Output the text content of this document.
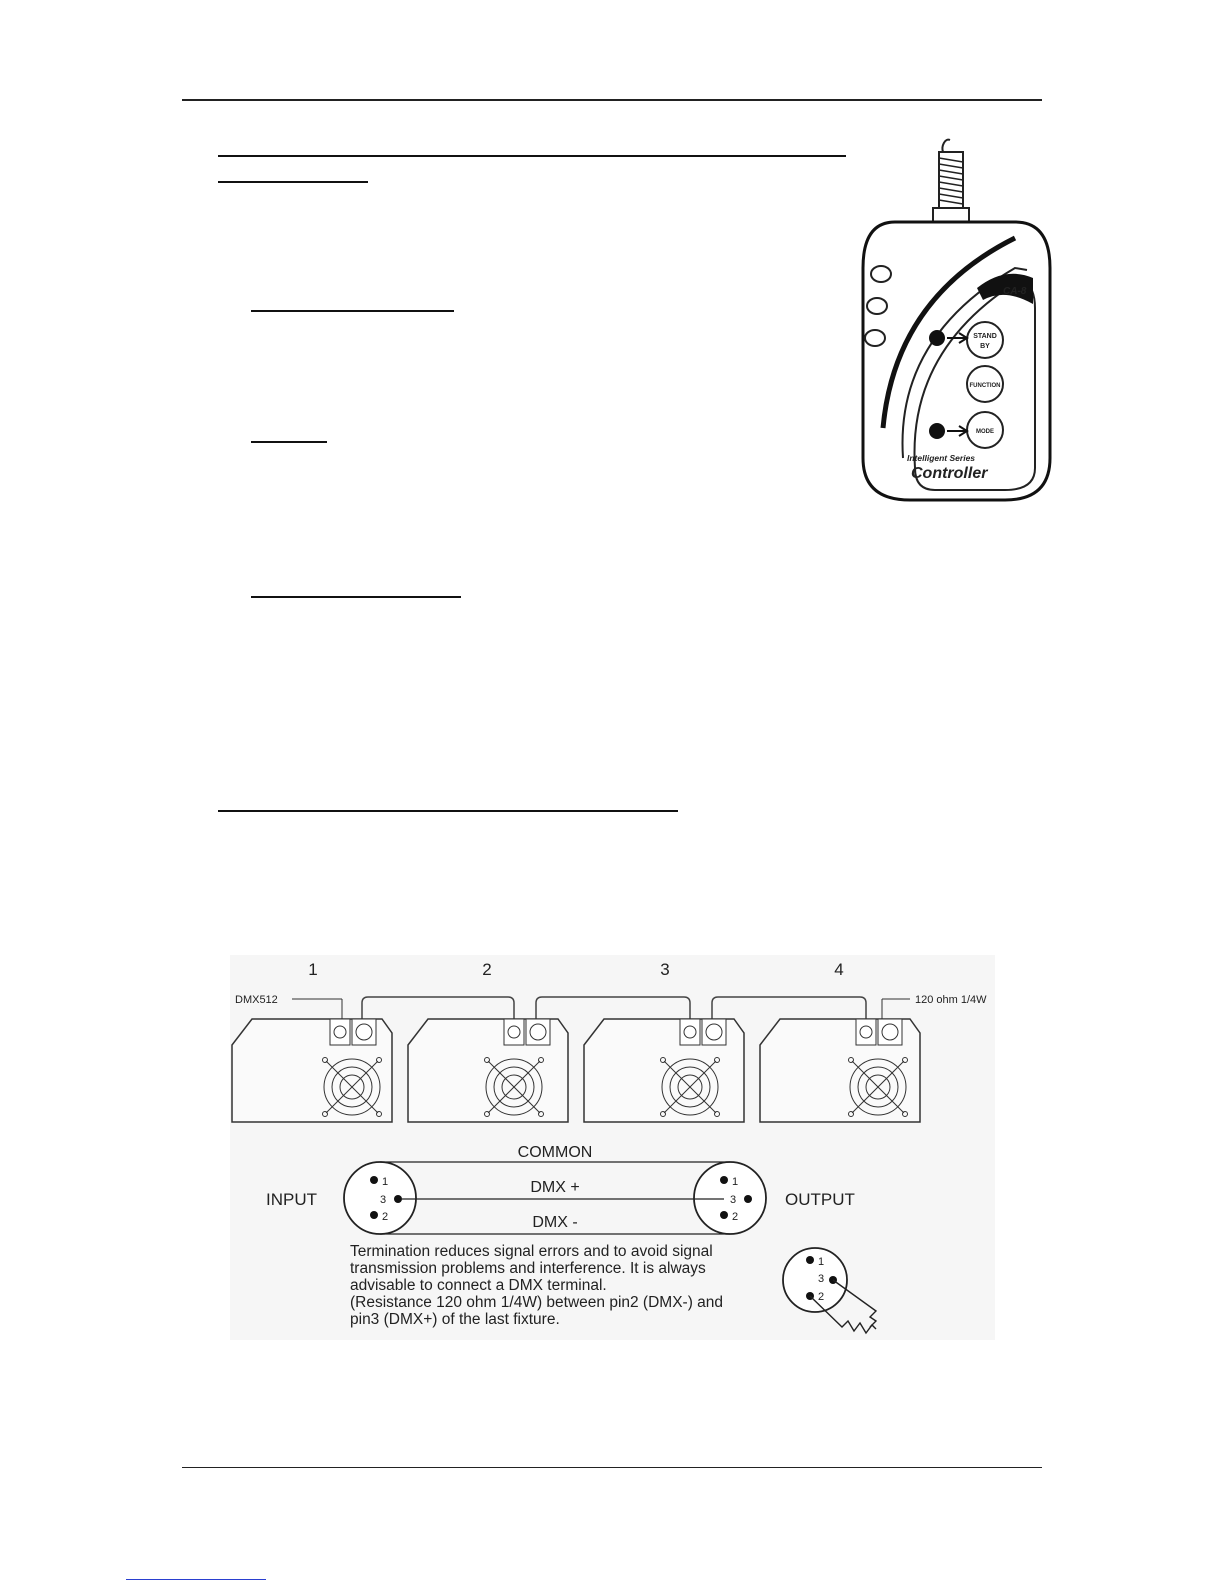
CA-8
STAND
BY
FUNCTION
MODE
Intelligent Series
Controller
1	2	3	4
DMX512	120 ohm 1/4W
COMMON
DMX +
DMX -
INPUT	OUTPUT
1
3
2
1
3
2
Termination reduces signal errors and to avoid signal
transmission problems and interference. It is always
advisable to connect a DMX terminal.
(Resistance 120 ohm 1/4W) between pin2 (DMX-) and
pin3 (DMX+) of the last fixture.
1
3
2
